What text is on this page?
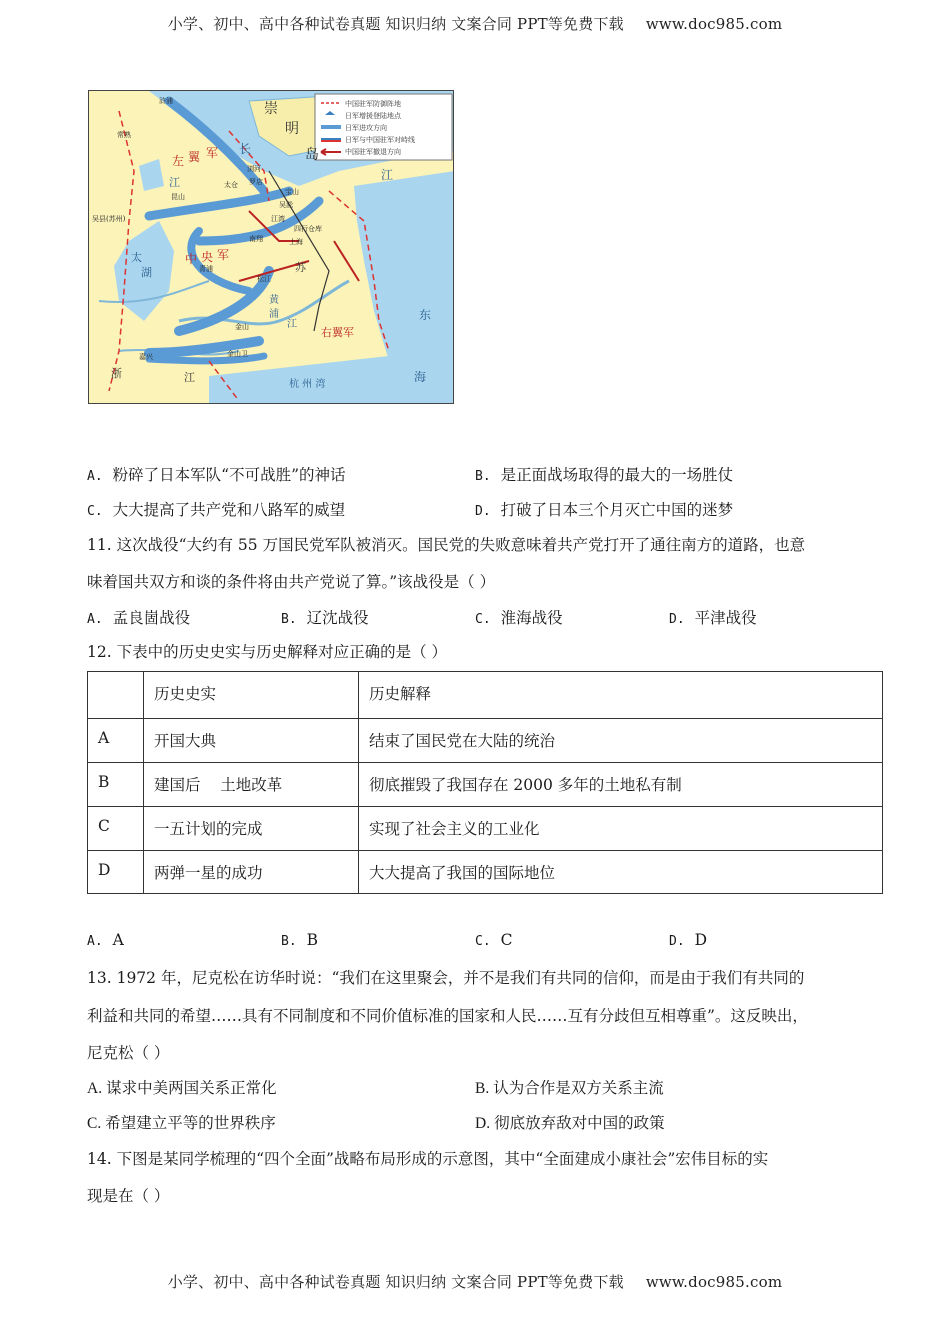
小学、初中、高中各种试卷真题 知识归纳 文案合同 PPT等免费下载 www.doc985.com
中国驻军防御阵地
日军增援登陆地点
日军进攻方向
日军与中国驻军对峙线
中国驻军撤退方向
崇
明
岛
长
江
左 翼 军
江
中 央 军
右翼军
东
海
杭 州 湾
浙	江
苏
黄
浦
江
太
湖
浒浦
常熟
浏河
罗店
太仓
昆山
宝山
吴淞
江湾
四行仓库
上海
南翔
吴县(苏州)
青浦
松江
金山
金山卫
嘉兴
A. 粉碎了日本军队“不可战胜”的神话	B. 是正面战场取得的最大的一场胜仗
C. 大大提高了共产党和八路军的威望	D. 打破了日本三个月灭亡中国的迷梦
11. 这次战役“大约有 55 万国民党军队被消灭。国民党的失败意味着共产党打开了通往南方的道路，也意
味着国共双方和谈的条件将由共产党说了算。”该战役是（ ）
A. 孟良崮战役	B. 辽沈战役	C. 淮海战役	D. 平津战役
12. 下表中的历史史实与历史解释对应正确的是（ ）
	历史史实	历史解释
A	开国大典	结束了国民党在大陆的统治
B	建国后    土地改革	彻底摧毁了我国存在 2000 多年的土地私有制
C	一五计划的完成	实现了社会主义的工业化
D	两弹一星的成功	大大提高了我国的国际地位
A. A	B. B	C. C	D. D
13. 1972 年，尼克松在访华时说：“我们在这里聚会，并不是我们有共同的信仰，而是由于我们有共同的
利益和共同的希望……具有不同制度和不同价值标准的国家和人民……互有分歧但互相尊重”。这反映出，
尼克松（ ）
A. 谋求中美两国关系正常化	B. 认为合作是双方关系主流
C. 希望建立平等的世界秩序	D. 彻底放弃敌对中国的政策
14. 下图是某同学梳理的“四个全面”战略布局形成的示意图，其中“全面建成小康社会”宏伟目标的实
现是在（ ）
小学、初中、高中各种试卷真题 知识归纳 文案合同 PPT等免费下载 www.doc985.com
